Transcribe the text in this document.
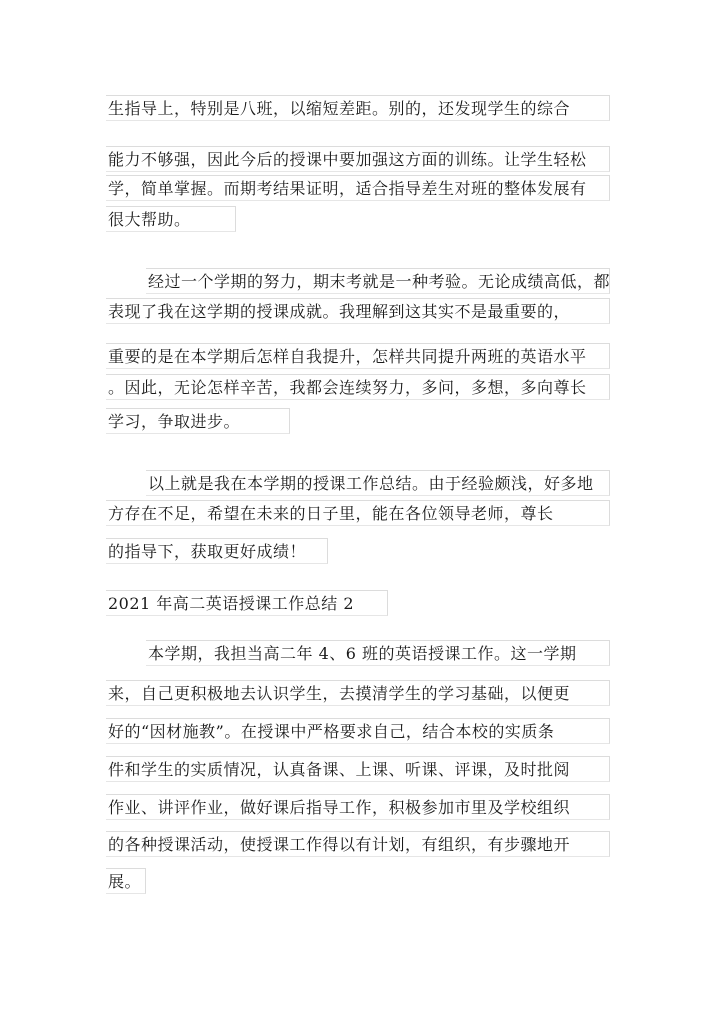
生指导上，特别是八班，以缩短差距。别的，还发现学生的综合
能力不够强，因此今后的授课中要加强这方面的训练。让学生轻松
学，简单掌握。而期考结果证明，适合指导差生对班的整体发展有
很大帮助。
经过一个学期的努力，期末考就是一种考验。无论成绩高低，都
表现了我在这学期的授课成就。我理解到这其实不是最重要的，
重要的是在本学期后怎样自我提升，怎样共同提升两班的英语水平
。因此，无论怎样辛苦，我都会连续努力，多问，多想，多向尊长
学习，争取进步。
以上就是我在本学期的授课工作总结。由于经验颇浅，好多地
方存在不足，希望在未来的日子里，能在各位领导老师，尊长
的指导下，获取更好成绩！
2021 年高二英语授课工作总结 2
本学期，我担当高二年 4、6 班的英语授课工作。这一学期
来，自己更积极地去认识学生，去摸清学生的学习基础，以便更
好的“因材施教”。在授课中严格要求自己，结合本校的实质条
件和学生的实质情况，认真备课、上课、听课、评课，及时批阅
作业、讲评作业，做好课后指导工作，积极参加市里及学校组织
的各种授课活动，使授课工作得以有计划，有组织，有步骤地开
展。
